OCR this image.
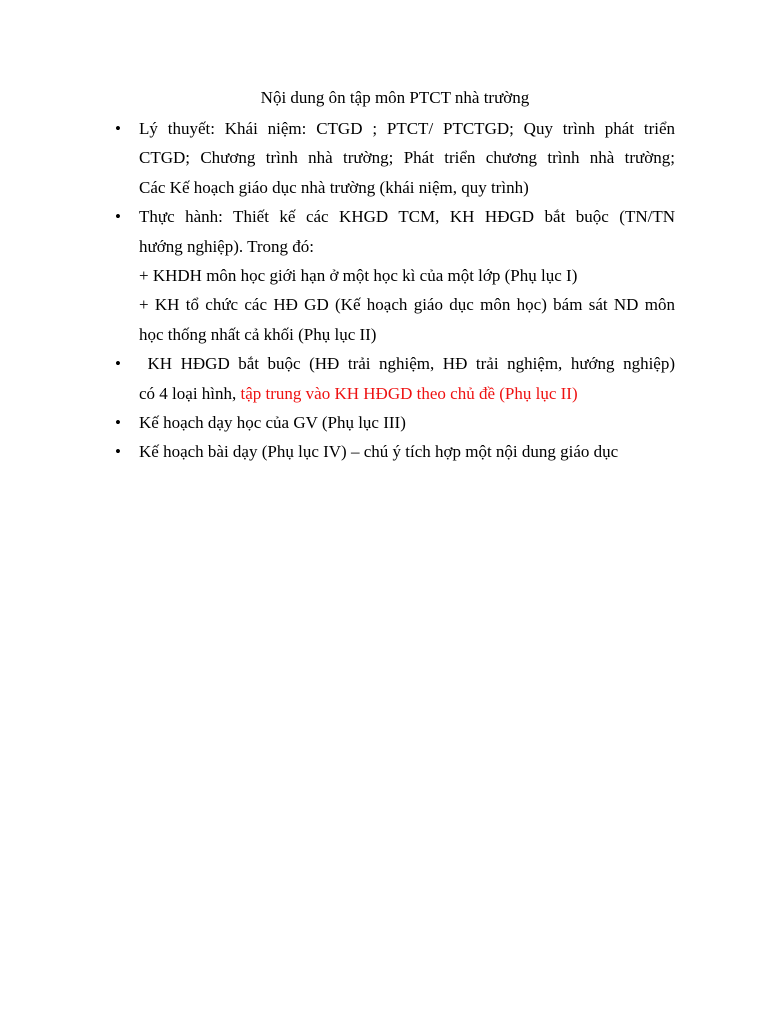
Nội dung ôn tập môn PTCT nhà trường
• Lý thuyết: Khái niệm: CTGD ; PTCT/ PTCTGD; Quy trình phát triển
CTGD; Chương trình nhà trường; Phát triển chương trình nhà trường;
Các Kế hoạch giáo dục nhà trường (khái niệm, quy trình)
• Thực hành: Thiết kế các KHGD TCM, KH HĐGD bắt buộc (TN/TN
hướng nghiệp). Trong đó:
+ KHDH môn học giới hạn ở một học kì của một lớp (Phụ lục I)
+ KH tổ chức các HĐ GD (Kế hoạch giáo dục môn học) bám sát ND môn
học thống nhất cả khối (Phụ lục II)
• KH HĐGD bắt buộc (HĐ trải nghiệm, HĐ trải nghiệm, hướng nghiệp)
có 4 loại hình, tập trung vào KH HĐGD theo chủ đề (Phụ lục II)
• Kế hoạch dạy học của GV (Phụ lục III)
• Kế hoạch bài dạy (Phụ lục IV) – chú ý tích hợp một nội dung giáo dục
